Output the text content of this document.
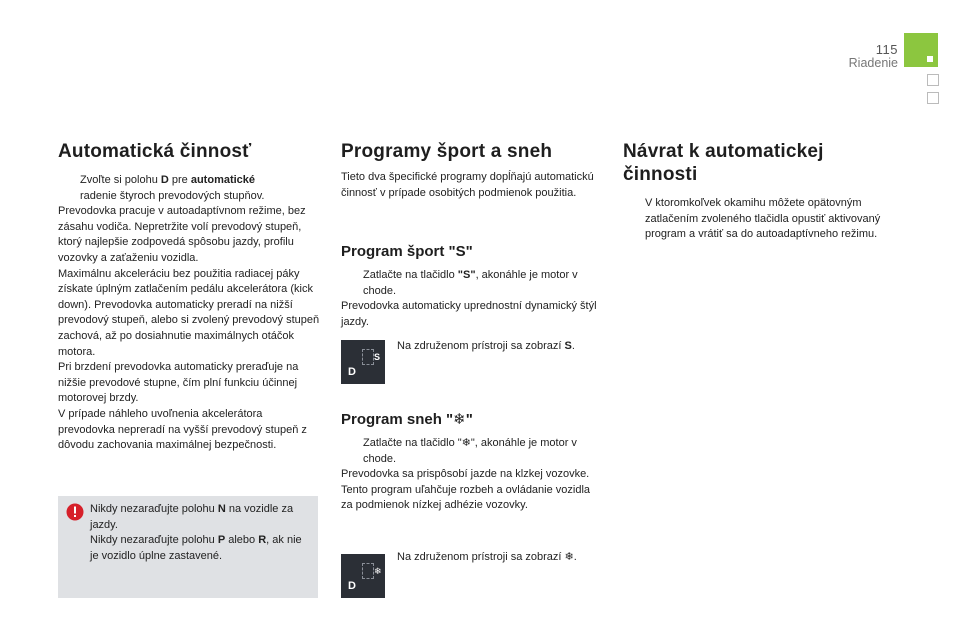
115
Riadenie
Automatická činnosť
Zvoľte si polohu D pre automatické
radenie štyroch prevodových stupňov.
Prevodovka pracuje v autoadaptívnom režime, bez zásahu vodiča. Nepretržite volí prevodový stupeň, ktorý najlepšie zodpovedá spôsobu jazdy, profilu vozovky a zaťaženiu vozidla.
Maximálnu akceleráciu bez použitia radiacej páky získate úplným zatlačením pedálu akcelerátora (kick down). Prevodovka automaticky preradí na nižší prevodový stupeň, alebo si zvolený prevodový stupeň zachová, až po dosiahnutie maximálnych otáčok motora.
Pri brzdení prevodovka automaticky preraďuje na nižšie prevodové stupne, čím plní funkciu účinnej motorovej brzdy.
V prípade náhleho uvoľnenia akcelerátora prevodovka nepreradí na vyšší prevodový stupeň z dôvodu zachovania maximálnej bezpečnosti.
Nikdy nezaraďujte polohu N na vozidle za jazdy.
Nikdy nezaraďujte polohu P alebo R, ak nie je vozidlo úplne zastavené.
Programy šport a sneh
Tieto dva špecifické programy dopĺňajú automatickú činnosť v prípade osobitých podmienok použitia.
Program šport "S"
Zatlačte na tlačidlo "S", akonáhle je motor v chode.
Prevodovka automaticky uprednostní dynamický štýl jazdy.
D
S
Na združenom prístroji sa zobrazí S.
Program sneh "❄"
Zatlačte na tlačidlo "❄", akonáhle je motor v chode.
Prevodovka sa prispôsobí jazde na klzkej vozovke.
Tento program uľahčuje rozbeh a ovládanie vozidla za podmienok nízkej adhézie vozovky.
D
❄
Na združenom prístroji sa zobrazí ❄.
Návrat k automatickej činnosti
V ktoromkoľvek okamihu môžete opätovným zatlačením zvoleného tlačidla opustiť aktivovaný program a vrátiť sa do autoadaptívneho režimu.
